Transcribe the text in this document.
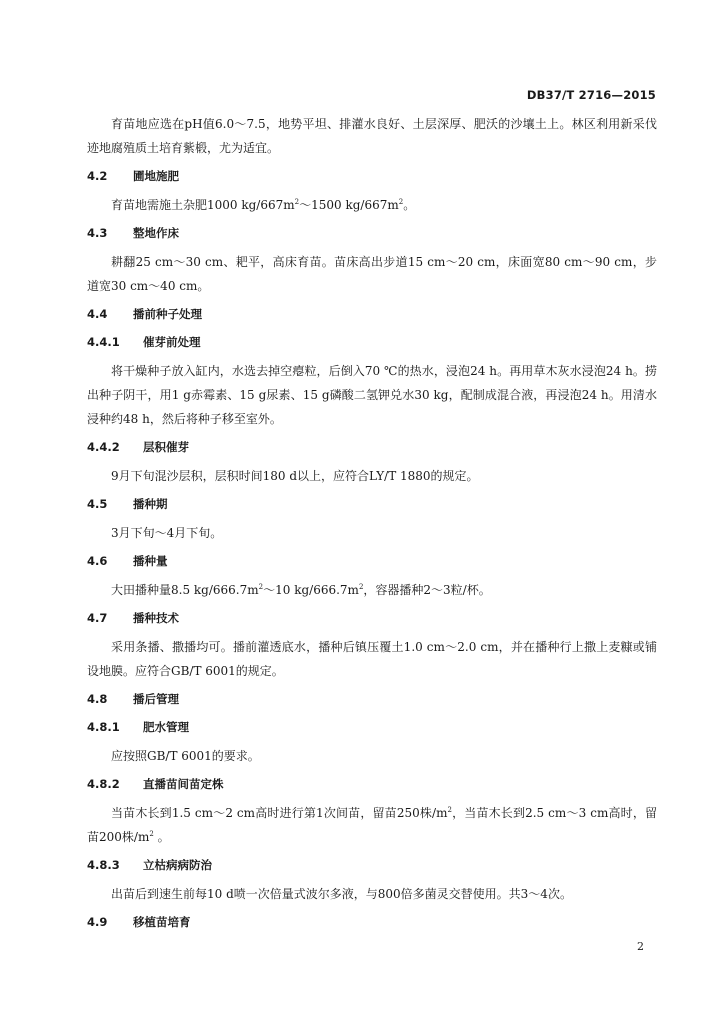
DB37/T 2716—2015

育苗地应选在pH值6.0～7.5，地势平坦、排灌水良好、土层深厚、肥沃的沙壤土上。林区利用新采伐迹地腐殖质土培育紫椴，尤为适宜。

4.2	圃地施肥

育苗地需施土杂肥1000 $kg/667m^2\sim 1500$ $kg/667m^2$。

4.3	整地作床

耕翻25 cm～30 cm、耙平，高床育苗。苗床高出步道15 cm～20 cm，床面宽80 cm～90 cm，步道宽30 cm～40 cm。

4.4	播前种子处理
4.4.1	催芽前处理

将干燥种子放入缸内，水选去掉空瘪粒，后倒入70 ℃的热水，浸泡24 h。再用草木灰水浸泡24 h。捞出种子阴干，用1 g赤霉素、15 g尿素、15 g磷酸二氢钾兑水30 kg，配制成混合液，再浸泡24 h。用清水浸种约48 h，然后将种子移至室外。

4.4.2	层积催芽

9月下旬混沙层积，层积时间180 d以上，应符合LY/T 1880的规定。

4.5	播种期

3月下旬～4月下旬。

4.6	播种量

大田播种量8.5 $kg/666.7m^2\sim 10$ $kg/666.7m^2$，容器播种2～3粒/杯。

4.7	播种技术

采用条播、撒播均可。播前灌透底水，播种后镇压覆土1.0 cm～2.0 cm，并在播种行上撒上麦糠或铺设地膜。应符合GB/T 6001的规定。

4.8	播后管理
4.8.1	肥水管理

应按照GB/T 6001的要求。

4.8.2	直播苗间苗定株

当苗木长到1.5 cm～2 cm高时进行第1次间苗，留苗250株$/m^2$，当苗木长到2.5 cm～3 cm高时，留苗200株$/m^2$ 。

4.8.3	立枯病病防治

出苗后到速生前每10 d喷一次倍量式波尔多液，与800倍多菌灵交替使用。共3～4次。

4.9	移植苗培育
2
